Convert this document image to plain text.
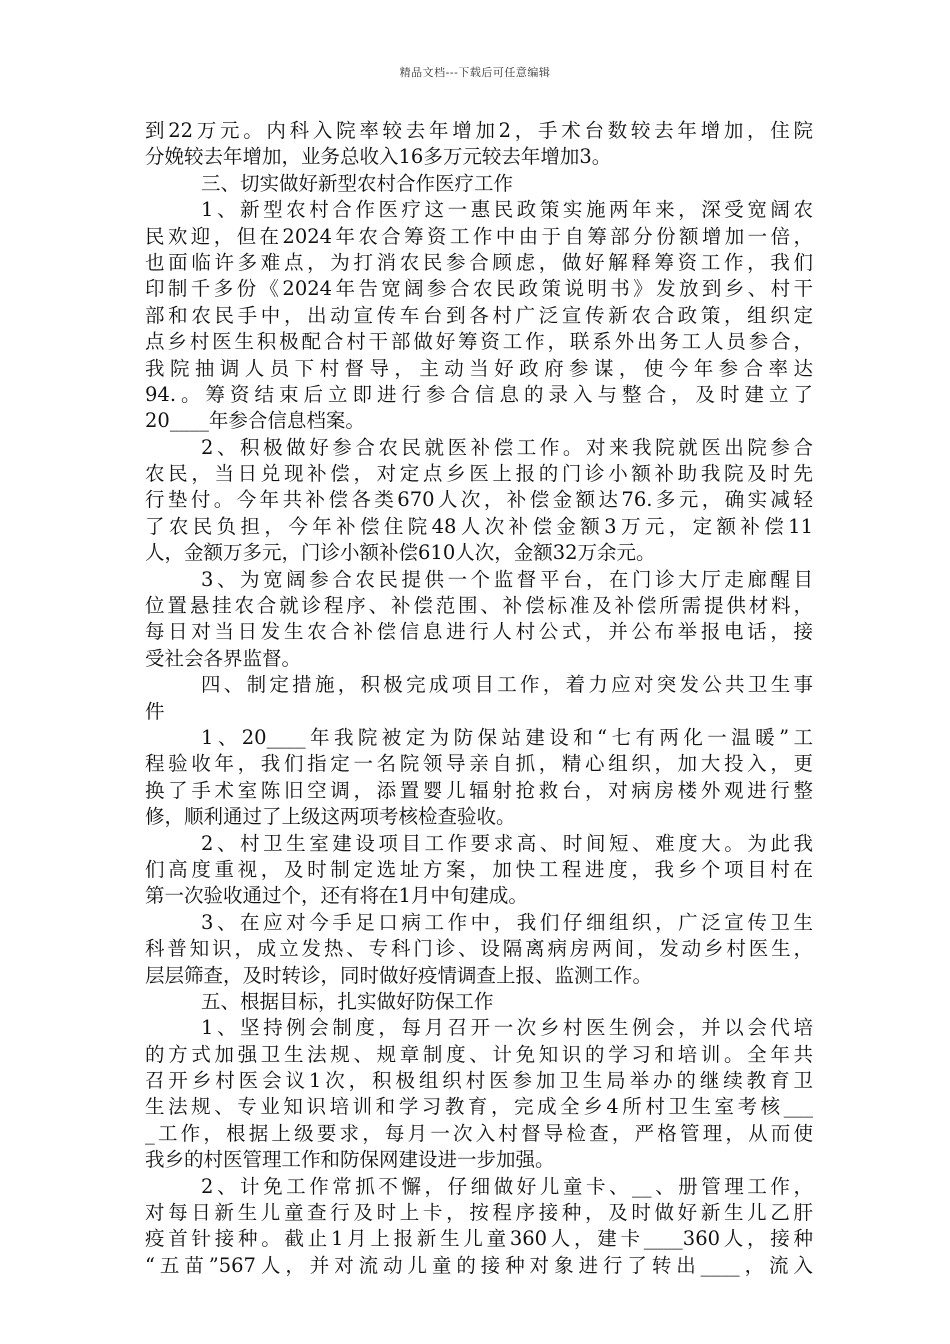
精品文档---下载后可任意编辑
到22万元。内科入院率较去年增加2，手术台数较去年增加，住院
分娩较去年增加，业务总收入16多万元较去年增加3。
三、切实做好新型农村合作医疗工作
1、新型农村合作医疗这一惠民政策实施两年来，深受宽阔农
民欢迎，但在2024年农合筹资工作中由于自筹部分份额增加一倍，
也面临许多难点，为打消农民参合顾虑，做好解释筹资工作，我们
印制千多份《2024年告宽阔参合农民政策说明书》发放到乡、村干
部和农民手中，出动宣传车台到各村广泛宣传新农合政策，组织定
点乡村医生积极配合村干部做好筹资工作，联系外出务工人员参合，
我院抽调人员下村督导，主动当好政府参谋，使今年参合率达
94.。筹资结束后立即进行参合信息的录入与整合，及时建立了
20____年参合信息档案。
2、积极做好参合农民就医补偿工作。对来我院就医出院参合
农民，当日兑现补偿，对定点乡医上报的门诊小额补助我院及时先
行垫付。今年共补偿各类670人次，补偿金额达76.多元，确实减轻
了农民负担，今年补偿住院48人次补偿金额3万元，定额补偿11
人，金额万多元，门诊小额补偿610人次，金额32万余元。
3、为宽阔参合农民提供一个监督平台，在门诊大厅走廊醒目
位置悬挂农合就诊程序、补偿范围、补偿标准及补偿所需提供材料，
每日对当日发生农合补偿信息进行人村公式，并公布举报电话，接
受社会各界监督。
四、制定措施，积极完成项目工作，着力应对突发公共卫生事
件
1、20____年我院被定为防保站建设和“七有两化一温暖”工
程验收年，我们指定一名院领导亲自抓，精心组织，加大投入，更
换了手术室陈旧空调，添置婴儿辐射抢救台，对病房楼外观进行整
修，顺利通过了上级这两项考核检查验收。
2、村卫生室建设项目工作要求高、时间短、难度大。为此我
们高度重视，及时制定选址方案，加快工程进度，我乡个项目村在
第一次验收通过个，还有将在1月中旬建成。
3、在应对今手足口病工作中，我们仔细组织，广泛宣传卫生
科普知识，成立发热、专科门诊、设隔离病房两间，发动乡村医生，
层层筛查，及时转诊，同时做好疫情调查上报、监测工作。
五、根据目标，扎实做好防保工作
1、坚持例会制度，每月召开一次乡村医生例会，并以会代培
的方式加强卫生法规、规章制度、计免知识的学习和培训。全年共
召开乡村医会议1次，积极组织村医参加卫生局举办的继续教育卫
生法规、专业知识培训和学习教育，完成全乡4所村卫生室考核___
_工作，根据上级要求，每月一次入村督导检查，严格管理，从而使
我乡的村医管理工作和防保网建设进一步加强。
2、计免工作常抓不懈，仔细做好儿童卡、__、册管理工作，
对每日新生儿童查行及时上卡，按程序接种，及时做好新生儿乙肝
疫首针接种。截止1月上报新生儿童360人，建卡____360人，接种
“五苗”567人，并对流动儿童的接种对象进行了转出____，流入
